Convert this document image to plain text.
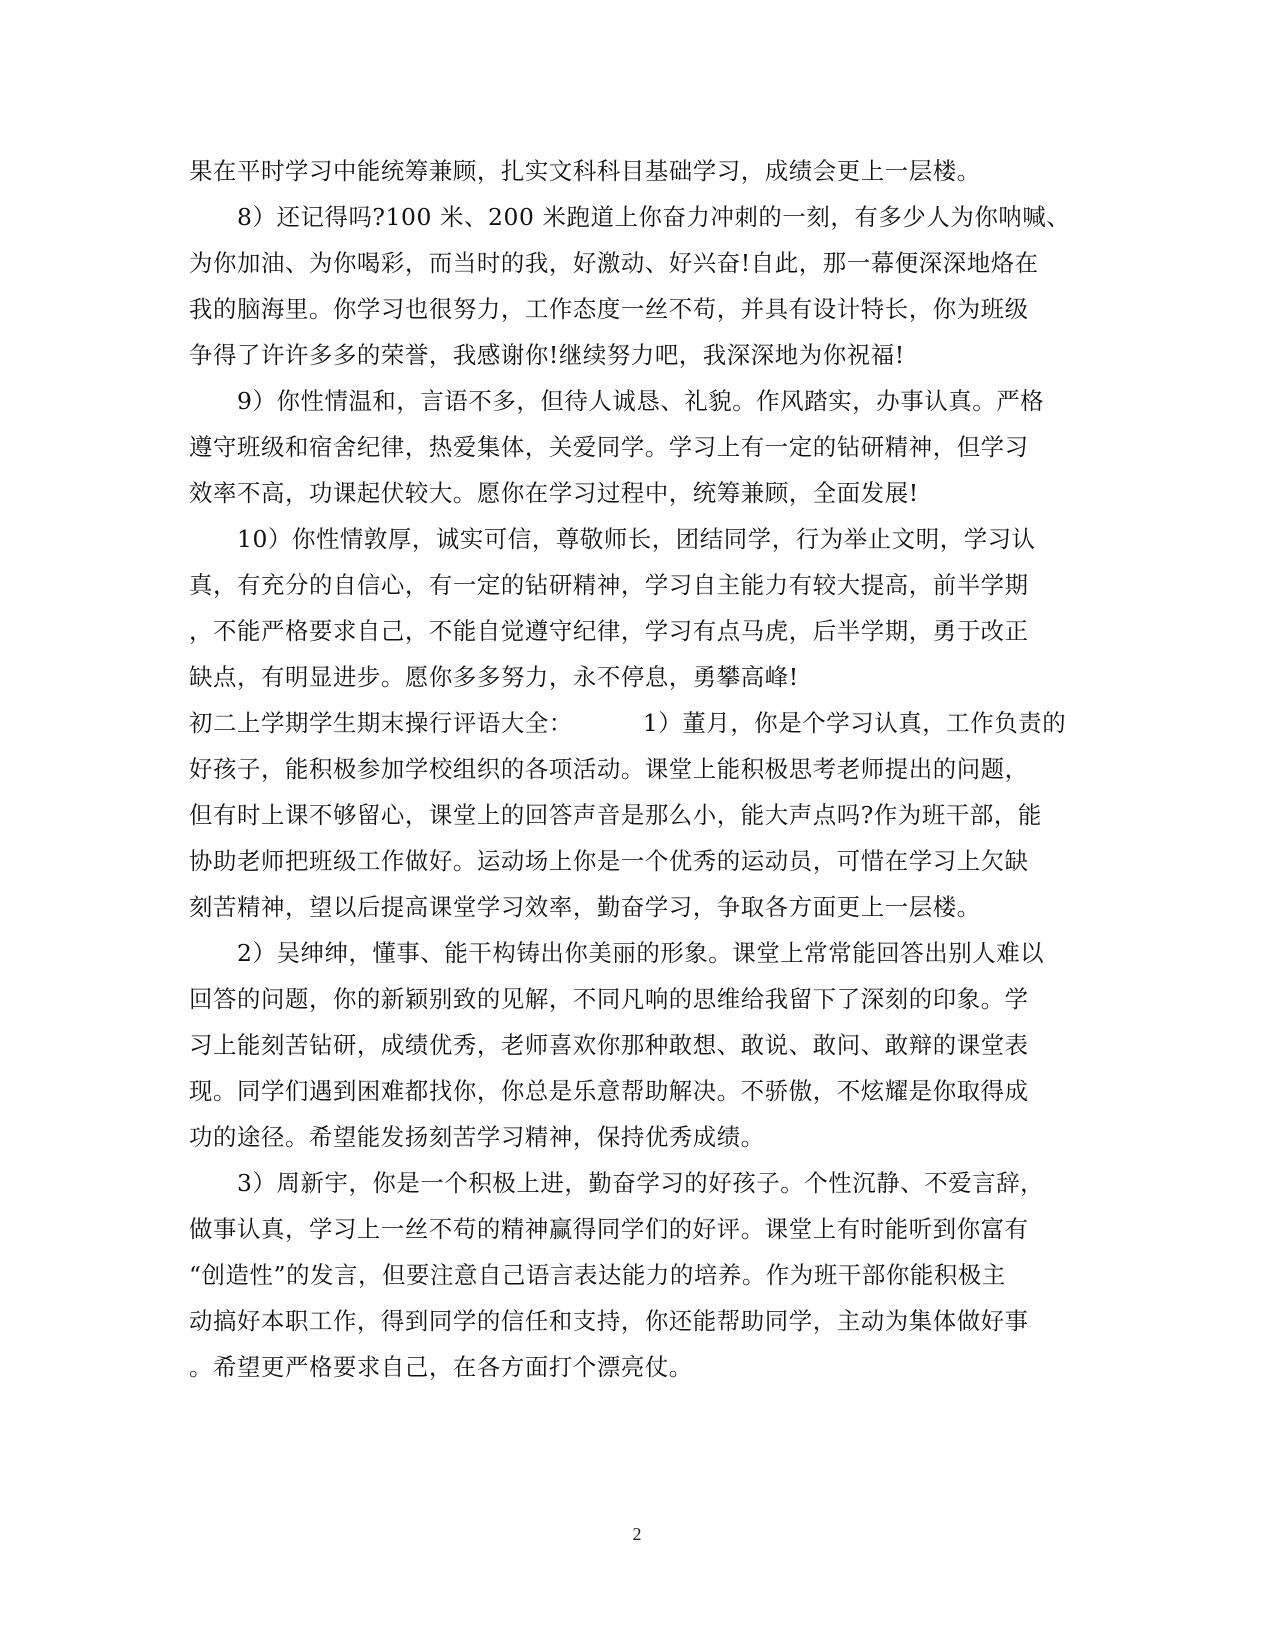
果在平时学习中能统筹兼顾，扎实文科科目基础学习，成绩会更上一层楼。
8）还记得吗?100 米、200 米跑道上你奋力冲刺的一刻，有多少人为你呐喊、
为你加油、为你喝彩，而当时的我，好激动、好兴奋!自此，那一幕便深深地烙在
我的脑海里。你学习也很努力，工作态度一丝不苟，并具有设计特长，你为班级
争得了许许多多的荣誉，我感谢你!继续努力吧，我深深地为你祝福!
9）你性情温和，言语不多，但待人诚恳、礼貌。作风踏实，办事认真。严格
遵守班级和宿舍纪律，热爱集体，关爱同学。学习上有一定的钻研精神，但学习
效率不高，功课起伏较大。愿你在学习过程中，统筹兼顾，全面发展!
10）你性情敦厚，诚实可信，尊敬师长，团结同学，行为举止文明，学习认
真，有充分的自信心，有一定的钻研精神，学习自主能力有较大提高，前半学期
，不能严格要求自己，不能自觉遵守纪律，学习有点马虎，后半学期，勇于改正
缺点，有明显进步。愿你多多努力，永不停息，勇攀高峰!
初二上学期学生期末操行评语大全：	1）董月，你是个学习认真，工作负责的
好孩子，能积极参加学校组织的各项活动。课堂上能积极思考老师提出的问题，
但有时上课不够留心，课堂上的回答声音是那么小，能大声点吗?作为班干部，能
协助老师把班级工作做好。运动场上你是一个优秀的运动员，可惜在学习上欠缺
刻苦精神，望以后提高课堂学习效率，勤奋学习，争取各方面更上一层楼。
2）吴绅绅，懂事、能干构铸出你美丽的形象。课堂上常常能回答出别人难以
回答的问题，你的新颖别致的见解，不同凡响的思维给我留下了深刻的印象。学
习上能刻苦钻研，成绩优秀，老师喜欢你那种敢想、敢说、敢问、敢辩的课堂表
现。同学们遇到困难都找你，你总是乐意帮助解决。不骄傲，不炫耀是你取得成
功的途径。希望能发扬刻苦学习精神，保持优秀成绩。
3）周新宇，你是一个积极上进，勤奋学习的好孩子。个性沉静、不爱言辞，
做事认真，学习上一丝不苟的精神赢得同学们的好评。课堂上有时能听到你富有
“创造性”的发言，但要注意自己语言表达能力的培养。作为班干部你能积极主
动搞好本职工作，得到同学的信任和支持，你还能帮助同学，主动为集体做好事
。希望更严格要求自己，在各方面打个漂亮仗。
2
